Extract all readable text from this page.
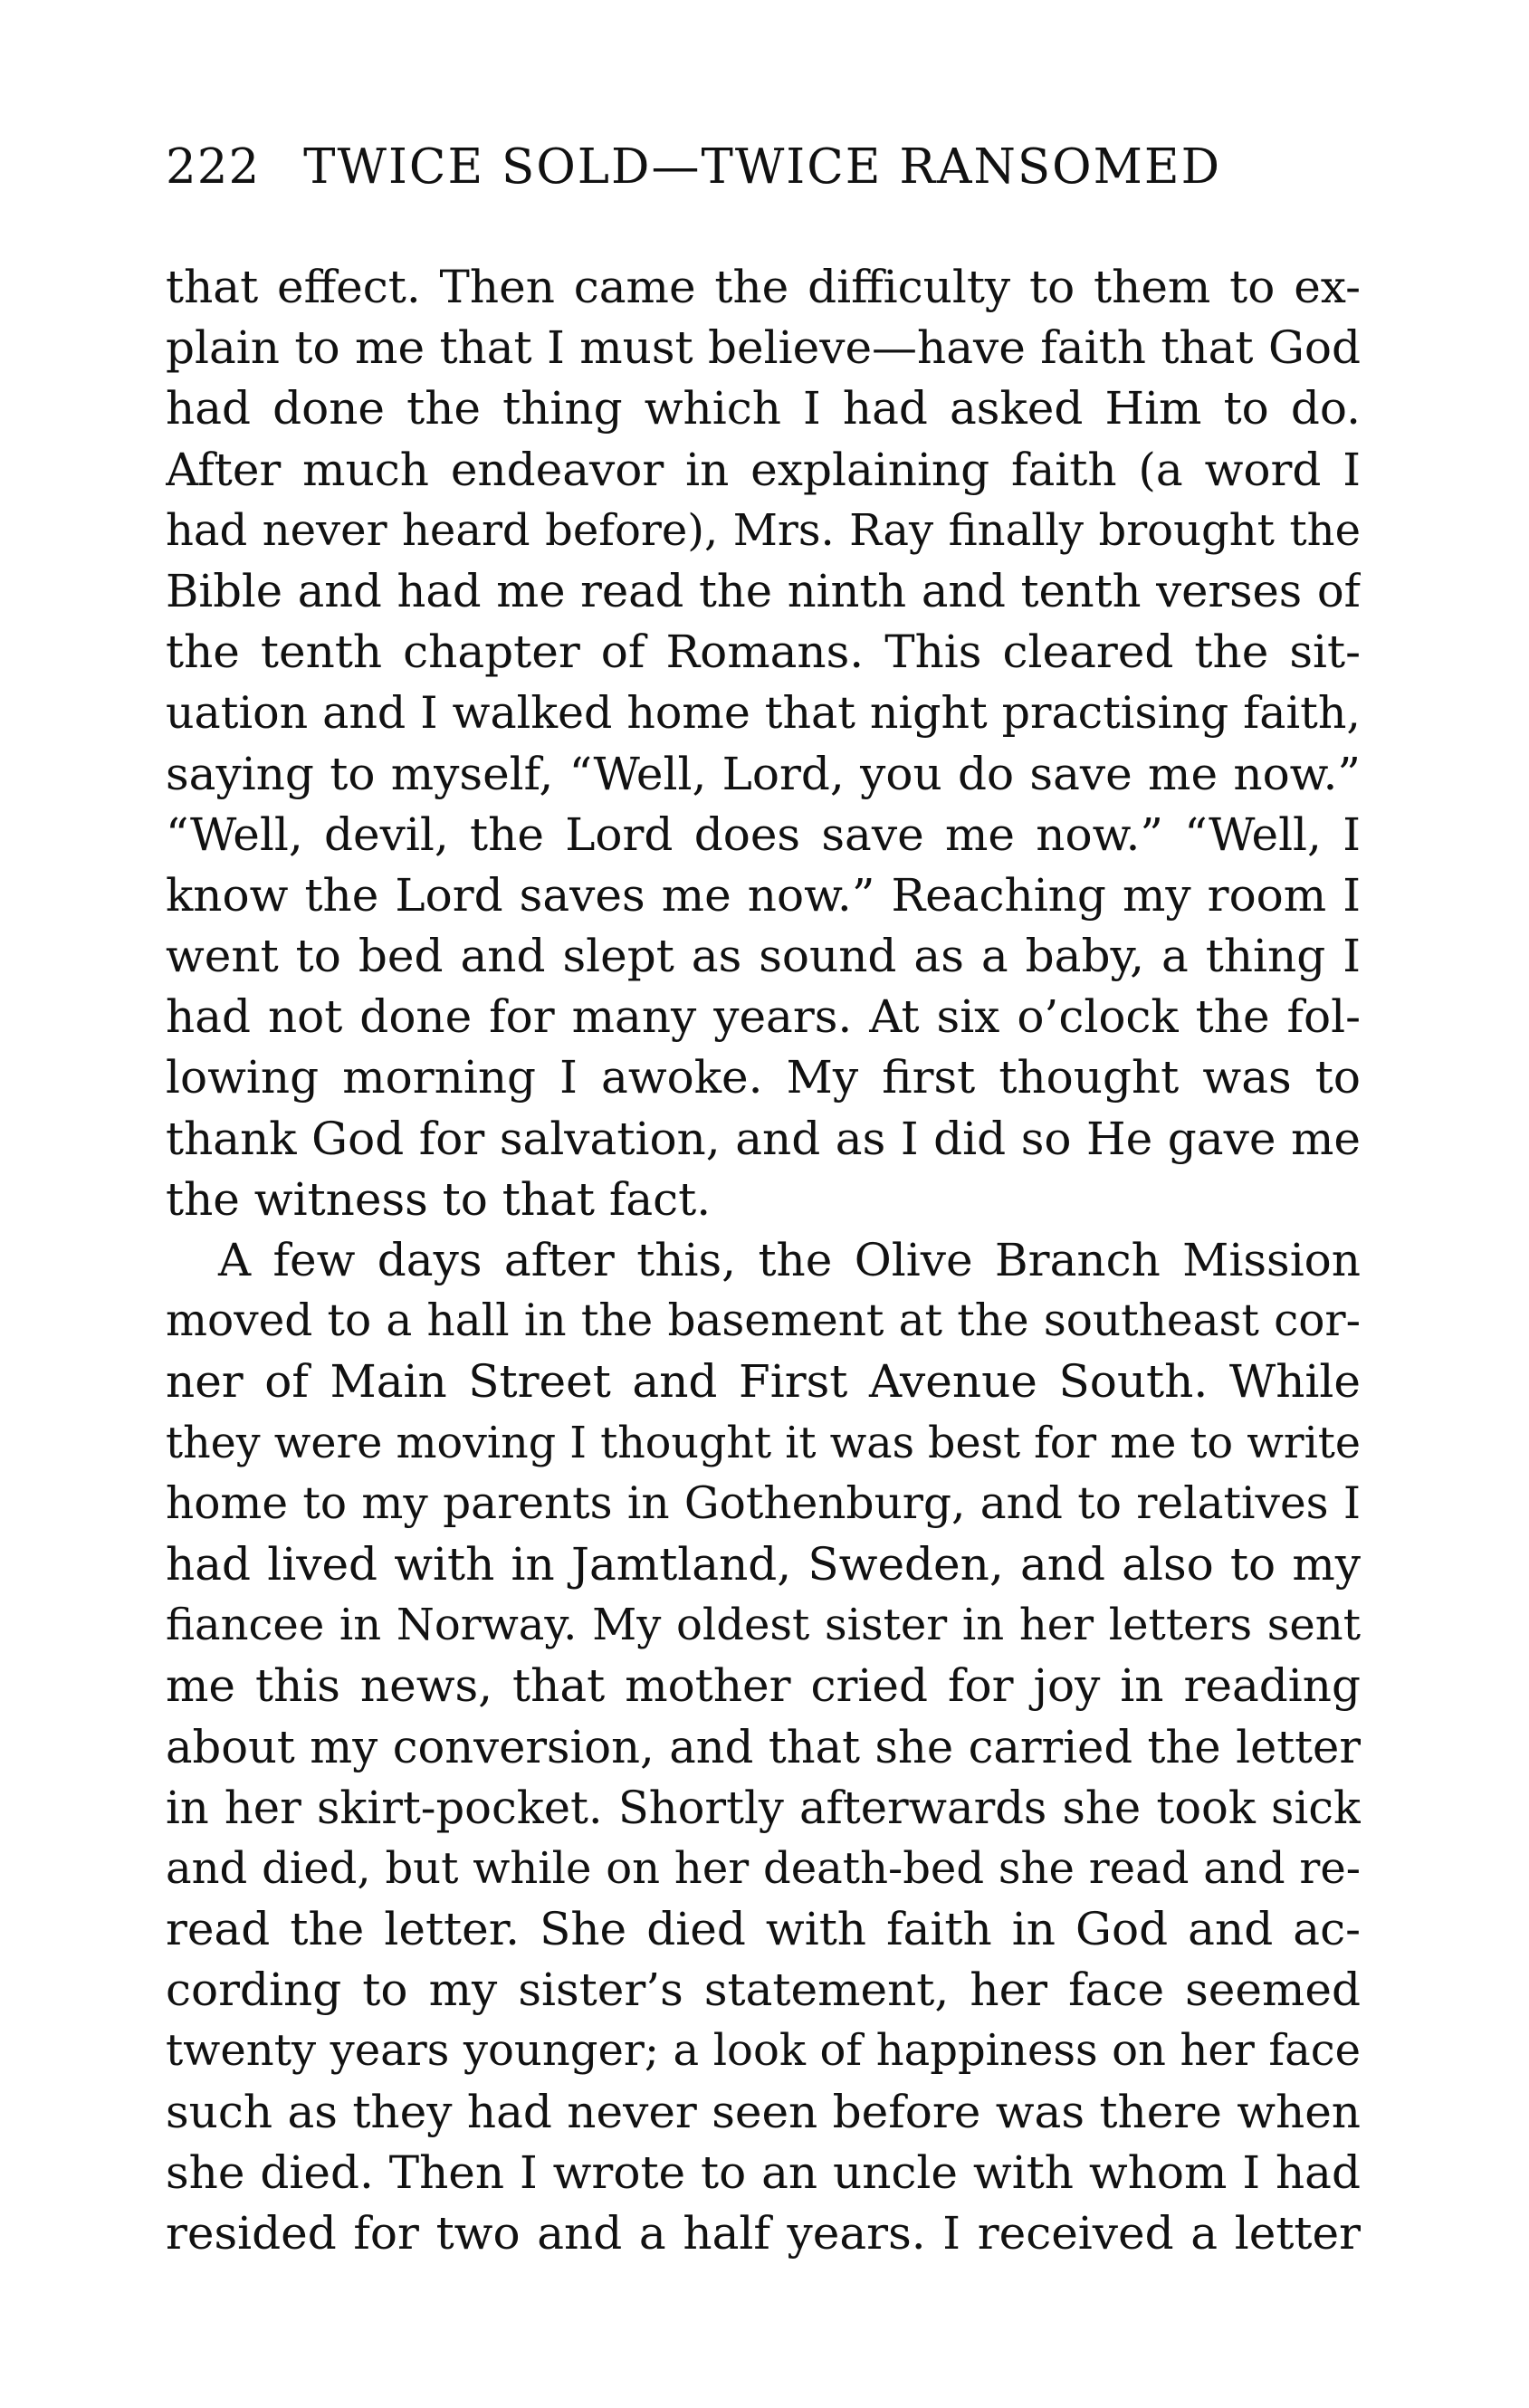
222 TWICE SOLD—TWICE RANSOMED
that effect. Then came the difficulty to them to ex-
plain to me that I must believe—have faith that God
had done the thing which I had asked Him to do.
After much endeavor in explaining faith (a word I
had never heard before), Mrs. Ray finally brought the
Bible and had me read the ninth and tenth verses of
the tenth chapter of Romans. This cleared the sit-
uation and I walked home that night practising faith,
saying to myself, “Well, Lord, you do save me now.”
“Well, devil, the Lord does save me now.” “Well, I
know the Lord saves me now.” Reaching my room I
went to bed and slept as sound as a baby, a thing I
had not done for many years. At six o’clock the fol-
lowing morning I awoke. My first thought was to
thank God for salvation, and as I did so He gave me
the witness to that fact.
A few days after this, the Olive Branch Mission
moved to a hall in the basement at the southeast cor-
ner of Main Street and First Avenue South. While
they were moving I thought it was best for me to write
home to my parents in Gothenburg, and to relatives I
had lived with in Jamtland, Sweden, and also to my
fiancee in Norway. My oldest sister in her letters sent
me this news, that mother cried for joy in reading
about my conversion, and that she carried the letter
in her skirt-pocket. Shortly afterwards she took sick
and died, but while on her death-bed she read and re-
read the letter. She died with faith in God and ac-
cording to my sister’s statement, her face seemed
twenty years younger; a look of happiness on her face
such as they had never seen before was there when
she died. Then I wrote to an uncle with whom I had
resided for two and a half years. I received a letter
